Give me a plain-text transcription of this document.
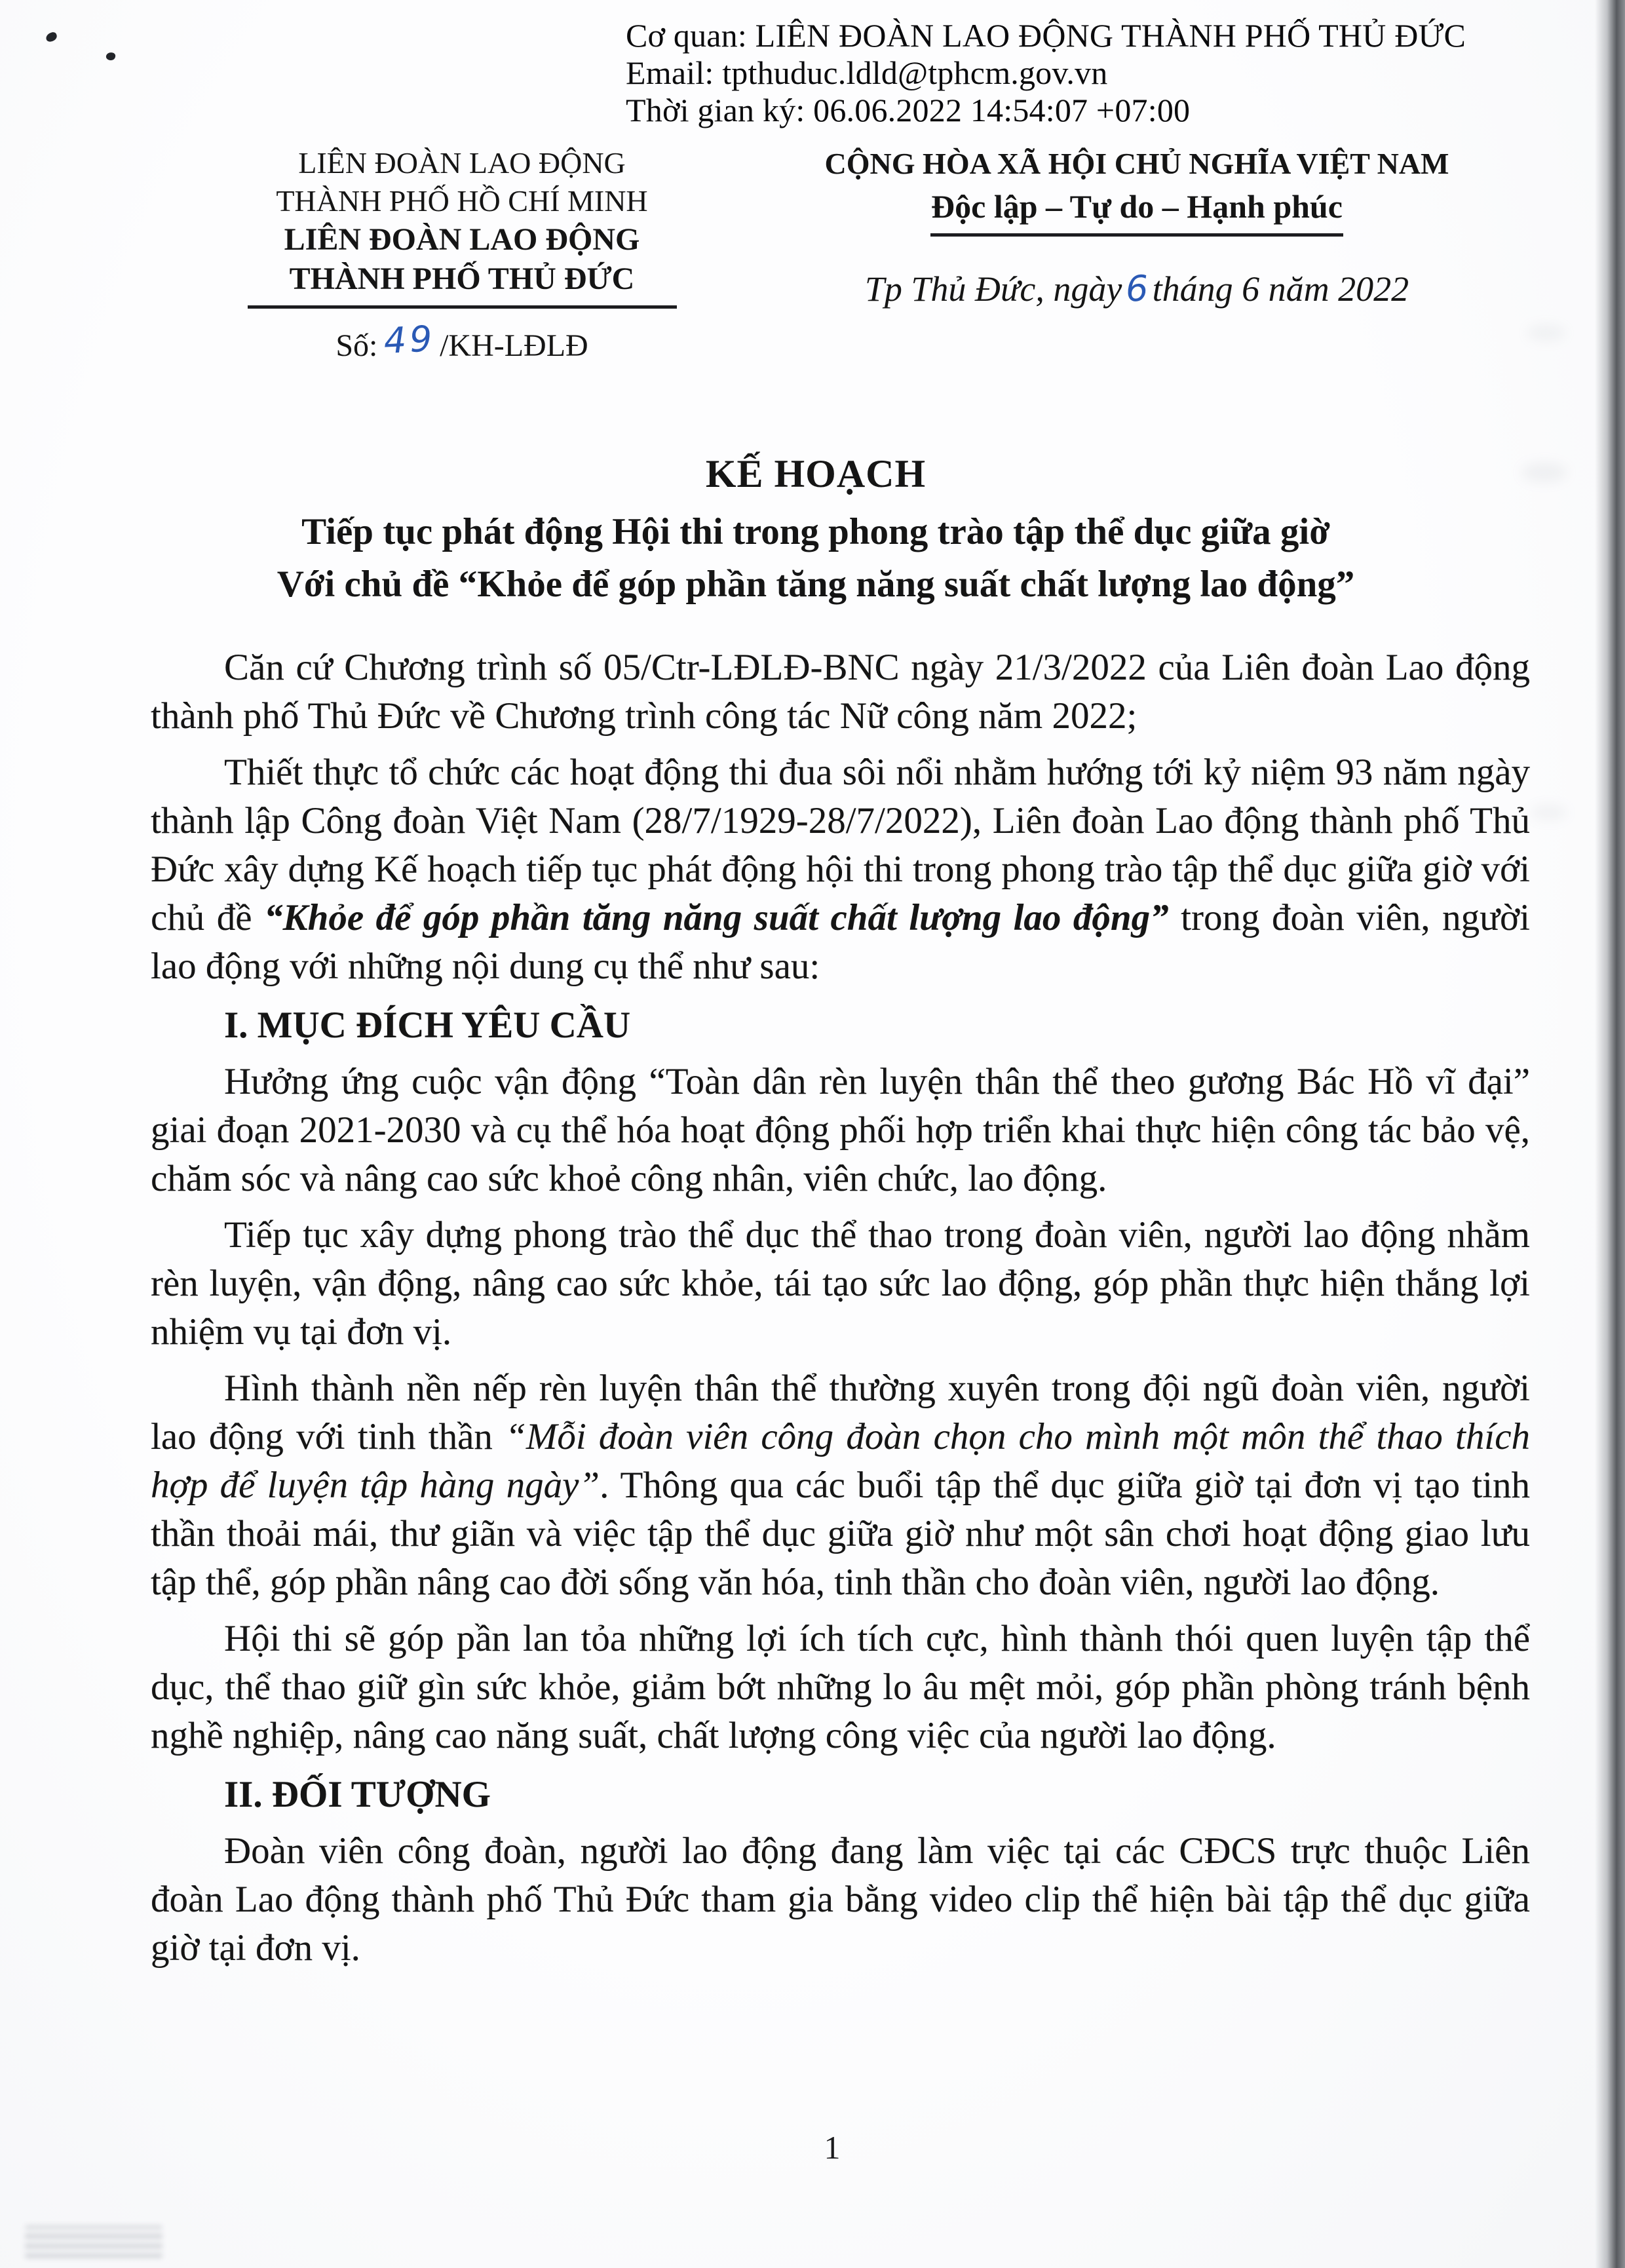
Cơ quan: LIÊN ĐOÀN LAO ĐỘNG THÀNH PHỐ THỦ ĐỨC
Email: tpthuduc.ldld@tphcm.gov.vn
Thời gian ký: 06.06.2022 14:54:07 +07:00
LIÊN ĐOÀN LAO ĐỘNG
THÀNH PHỐ HỒ CHÍ MINH
LIÊN ĐOÀN LAO ĐỘNG
THÀNH PHỐ THỦ ĐỨC
Số: 49/KH-LĐLĐ
CỘNG HÒA XÃ HỘI CHỦ NGHĨA VIỆT NAM
Độc lập – Tự do – Hạnh phúc
Tp Thủ Đức, ngày6tháng 6 năm 2022
KẾ HOẠCH
Tiếp tục phát động Hội thi trong phong trào tập thể dục giữa giờ
Với chủ đề “Khỏe để góp phần tăng năng suất chất lượng lao động”

Căn cứ Chương trình số 05/Ctr-LĐLĐ-BNC ngày 21/3/2022 của Liên đoàn Lao động thành phố Thủ Đức về Chương trình công tác Nữ công năm 2022;

Thiết thực tổ chức các hoạt động thi đua sôi nổi nhằm hướng tới kỷ niệm 93 năm ngày thành lập Công đoàn Việt Nam (28/7/1929-28/7/2022), Liên đoàn Lao động thành phố Thủ Đức xây dựng Kế hoạch tiếp tục phát động hội thi trong phong trào tập thể dục giữa giờ với chủ đề “Khỏe để góp phần tăng năng suất chất lượng lao động” trong đoàn viên, người lao động với những nội dung cụ thể như sau:

I. MỤC ĐÍCH YÊU CẦU

Hưởng ứng cuộc vận động “Toàn dân rèn luyện thân thể theo gương Bác Hồ vĩ đại” giai đoạn 2021-2030 và cụ thể hóa hoạt động phối hợp triển khai thực hiện công tác bảo vệ, chăm sóc và nâng cao sức khoẻ công nhân, viên chức, lao động.

Tiếp tục xây dựng phong trào thể dục thể thao trong đoàn viên, người lao động nhằm rèn luyện, vận động, nâng cao sức khỏe, tái tạo sức lao động, góp phần thực hiện thắng lợi nhiệm vụ tại đơn vị.

Hình thành nền nếp rèn luyện thân thể thường xuyên trong đội ngũ đoàn viên, người lao động với tinh thần “Mỗi đoàn viên công đoàn chọn cho mình một môn thể thao thích hợp để luyện tập hàng ngày”. Thông qua các buổi tập thể dục giữa giờ tại đơn vị tạo tinh thần thoải mái, thư giãn và việc tập thể dục giữa giờ như một sân chơi hoạt động giao lưu tập thể, góp phần nâng cao đời sống văn hóa, tinh thần cho đoàn viên, người lao động.

Hội thi sẽ góp pần lan tỏa những lợi ích tích cực, hình thành thói quen luyện tập thể dục, thể thao giữ gìn sức khỏe, giảm bớt những lo âu mệt mỏi, góp phần phòng tránh bệnh nghề nghiệp, nâng cao năng suất, chất lượng công việc của người lao động.

II. ĐỐI TƯỢNG

Đoàn viên công đoàn, người lao động đang làm việc tại các CĐCS trực thuộc Liên đoàn Lao động thành phố Thủ Đức tham gia bằng video clip thể hiện bài tập thể dục giữa giờ tại đơn vị.

1
